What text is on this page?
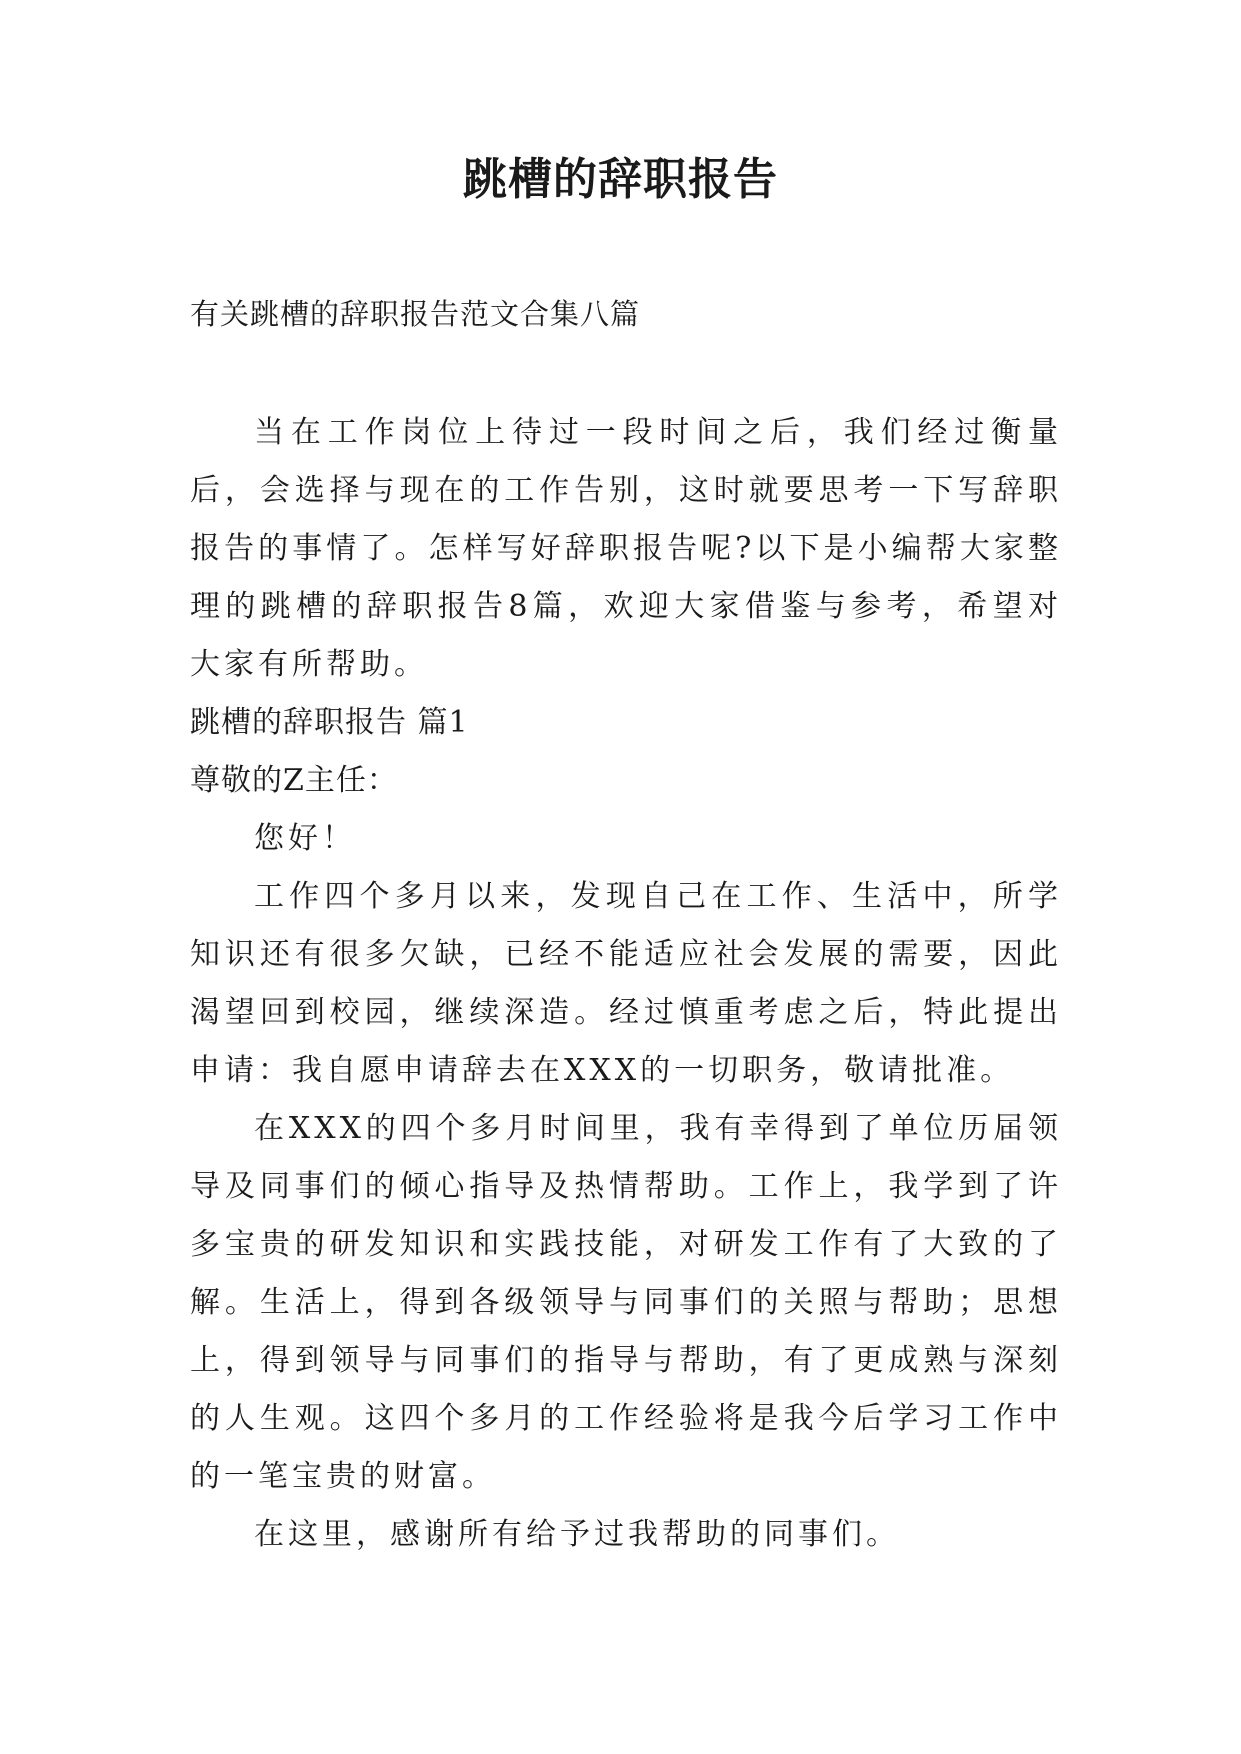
跳槽的辞职报告

有关跳槽的辞职报告范文合集八篇

当在工作岗位上待过一段时间之后，我们经过衡量后，会选择与现在的工作告别，这时就要思考一下写辞职报告的事情了。怎样写好辞职报告呢?以下是小编帮大家整理的跳槽的辞职报告8篇，欢迎大家借鉴与参考，希望对大家有所帮助。

跳槽的辞职报告 篇1

尊敬的Z主任：

您好！

工作四个多月以来，发现自己在工作、生活中，所学知识还有很多欠缺，已经不能适应社会发展的需要，因此渴望回到校园，继续深造。经过慎重考虑之后，特此提出申请：我自愿申请辞去在XXX的一切职务，敬请批准。

在XXX的四个多月时间里，我有幸得到了单位历届领导及同事们的倾心指导及热情帮助。工作上，我学到了许多宝贵的研发知识和实践技能，对研发工作有了大致的了解。生活上，得到各级领导与同事们的关照与帮助；思想上，得到领导与同事们的指导与帮助，有了更成熟与深刻的人生观。这四个多月的工作经验将是我今后学习工作中的一笔宝贵的财富。

在这里，感谢所有给予过我帮助的同事们。
